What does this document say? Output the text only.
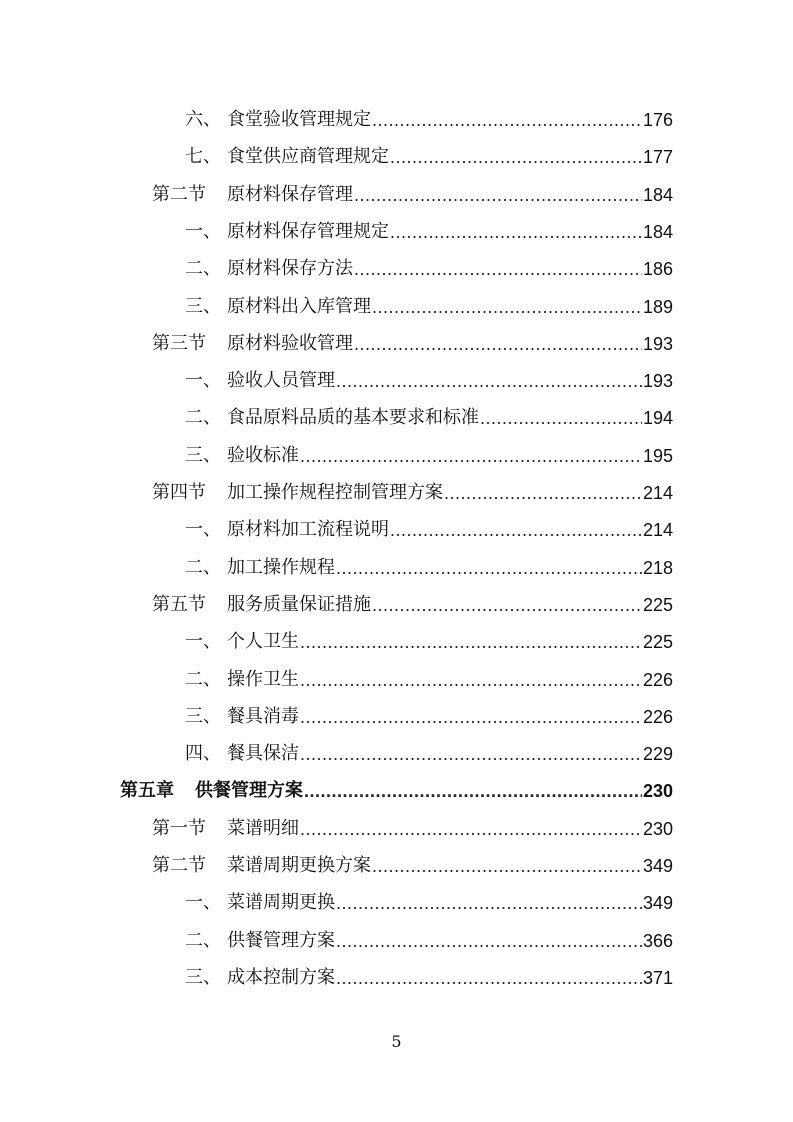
六、 食堂验收管理规定 .....	176
七、 食堂供应商管理规定 .....	177
第二节	原材料保存管理 .....	184
一、 原材料保存管理规定 .....	184
二、 原材料保存方法 .....	186
三、 原材料出入库管理 .....	189
第三节	原材料验收管理 .....	193
一、 验收人员管理 .....	193
二、 食品原料品质的基本要求和标准 .....	194
三、 验收标准 .....	195
第四节	加工操作规程控制管理方案 .....	214
一、 原材料加工流程说明 .....	214
二、 加工操作规程 .....	218
第五节	服务质量保证措施 .....	225
一、 个人卫生 .....	225
二、 操作卫生 .....	226
三、 餐具消毒 .....	226
四、 餐具保洁 .....	229
第五章	供餐管理方案 .....	230
第一节	菜谱明细 .....	230
第二节	菜谱周期更换方案 .....	349
一、 菜谱周期更换 .....	349
二、 供餐管理方案 .....	366
三、 成本控制方案 .....	371
5
